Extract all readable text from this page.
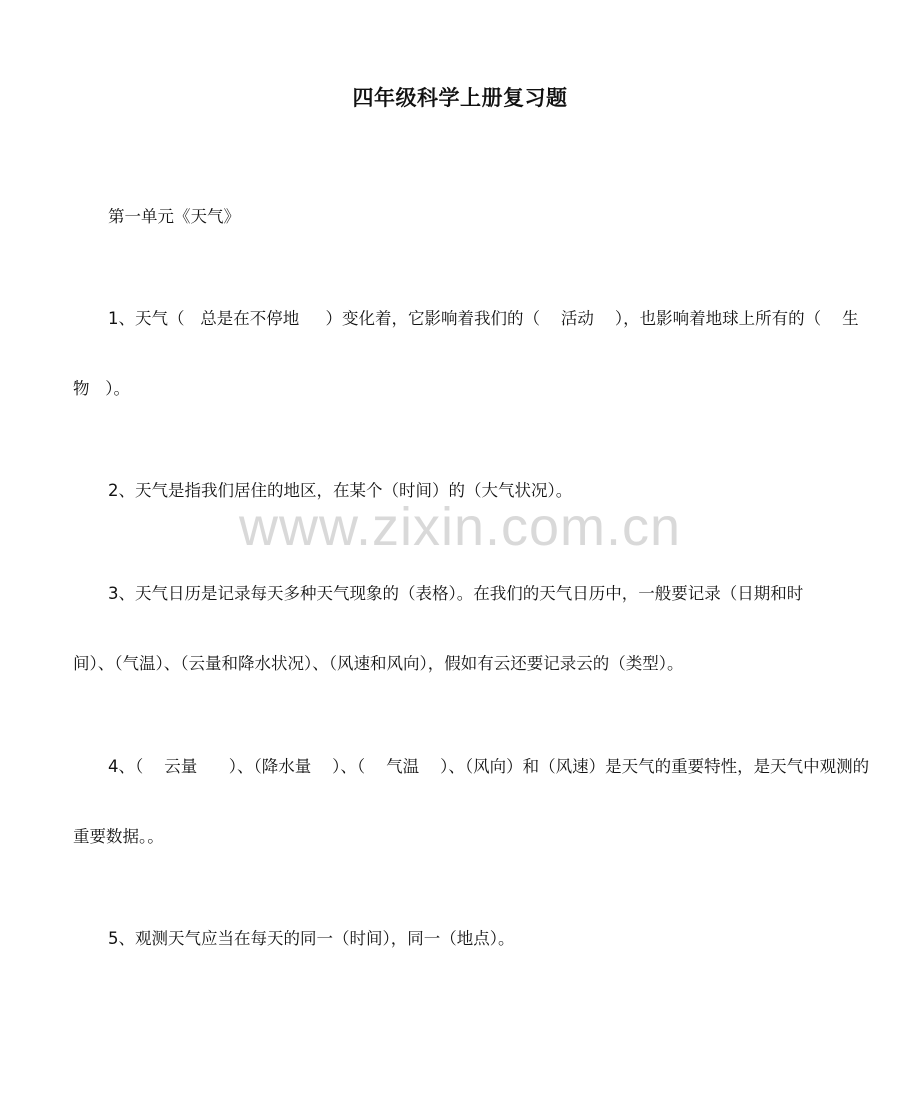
四年级科学上册复习题
第一单元《天气》
1、天气（   总是在不停地     ）变化着，它影响着我们的（    活动    ），也影响着地球上所有的（    生
物   ）。
2、天气是指我们居住的地区，在某个（时间）的（大气状况）。
3、天气日历是记录每天多种天气现象的（表格）。在我们的天气日历中，一般要记录（日期和时
间）、（气温）、（云量和降水状况）、（风速和风向），假如有云还要记录云的（类型）。
4、（    云量      ）、（降水量    ）、（    气温    ）、（风向）和（风速）是天气的重要特性，是天气中观测的
重要数据。。
5、观测天气应当在每天的同一（时间），同一（地点）。
www.zixin.com.cn
